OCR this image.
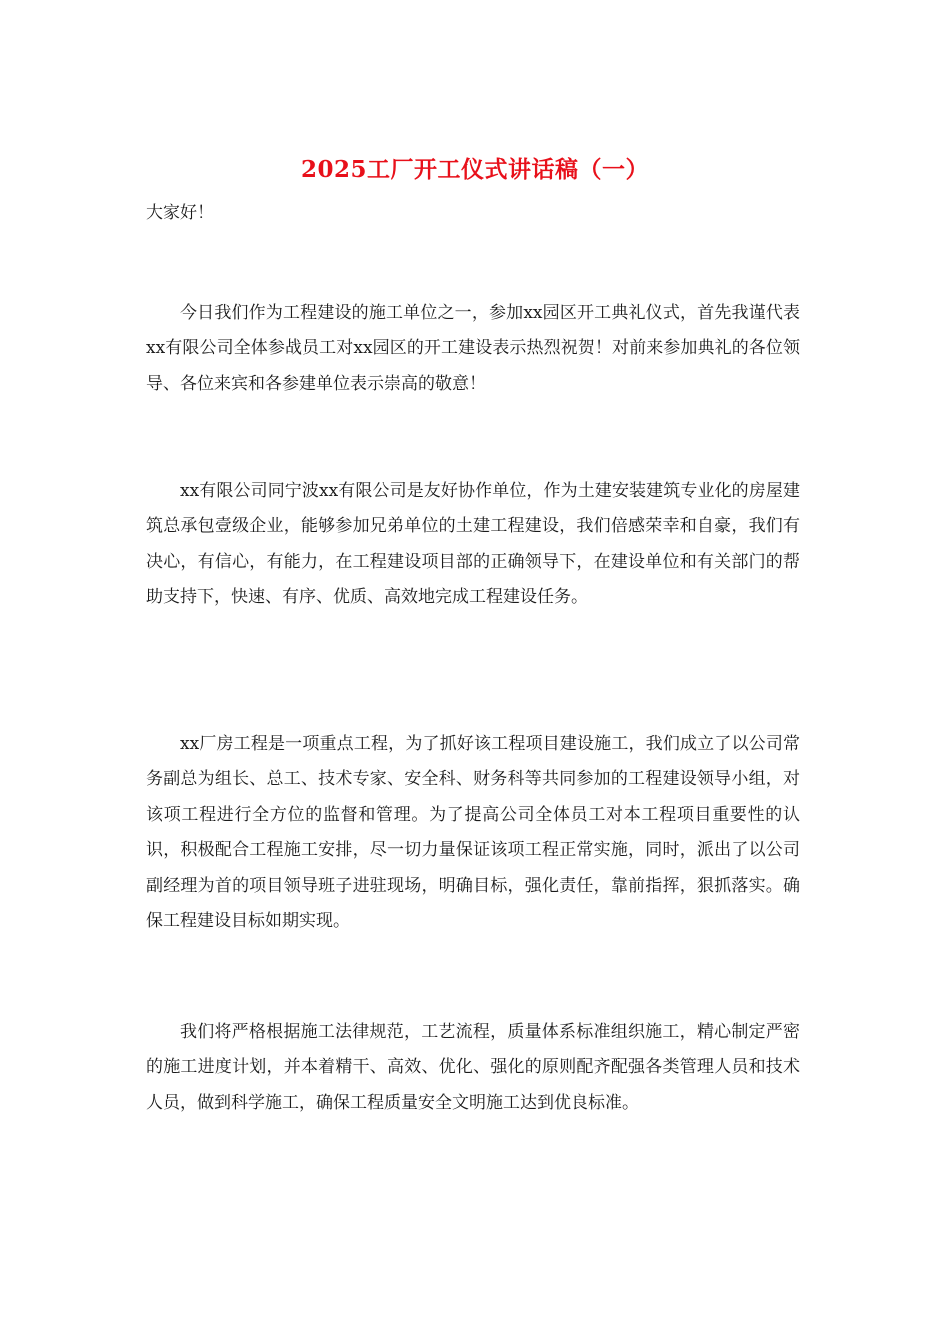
2025工厂开工仪式讲话稿（一）
大家好！

今日我们作为工程建设的施工单位之一，参加xx园区开工典礼仪式，首先我谨代表xx有限公司全体参战员工对xx园区的开工建设表示热烈祝贺！对前来参加典礼的各位领导、各位来宾和各参建单位表示崇高的敬意！

xx有限公司同宁波xx有限公司是友好协作单位，作为土建安装建筑专业化的房屋建筑总承包壹级企业，能够参加兄弟单位的土建工程建设，我们倍感荣幸和自豪，我们有决心，有信心，有能力，在工程建设项目部的正确领导下，在建设单位和有关部门的帮助支持下，快速、有序、优质、高效地完成工程建设任务。

xx厂房工程是一项重点工程，为了抓好该工程项目建设施工，我们成立了以公司常务副总为组长、总工、技术专家、安全科、财务科等共同参加的工程建设领导小组，对该项工程进行全方位的监督和管理。为了提高公司全体员工对本工程项目重要性的认识，积极配合工程施工安排，尽一切力量保证该项工程正常实施，同时，派出了以公司副经理为首的项目领导班子进驻现场，明确目标，强化责任，靠前指挥，狠抓落实。确保工程建设目标如期实现。

我们将严格根据施工法律规范，工艺流程，质量体系标准组织施工，精心制定严密的施工进度计划，并本着精干、高效、优化、强化的原则配齐配强各类管理人员和技术人员，做到科学施工，确保工程质量安全文明施工达到优良标准。
